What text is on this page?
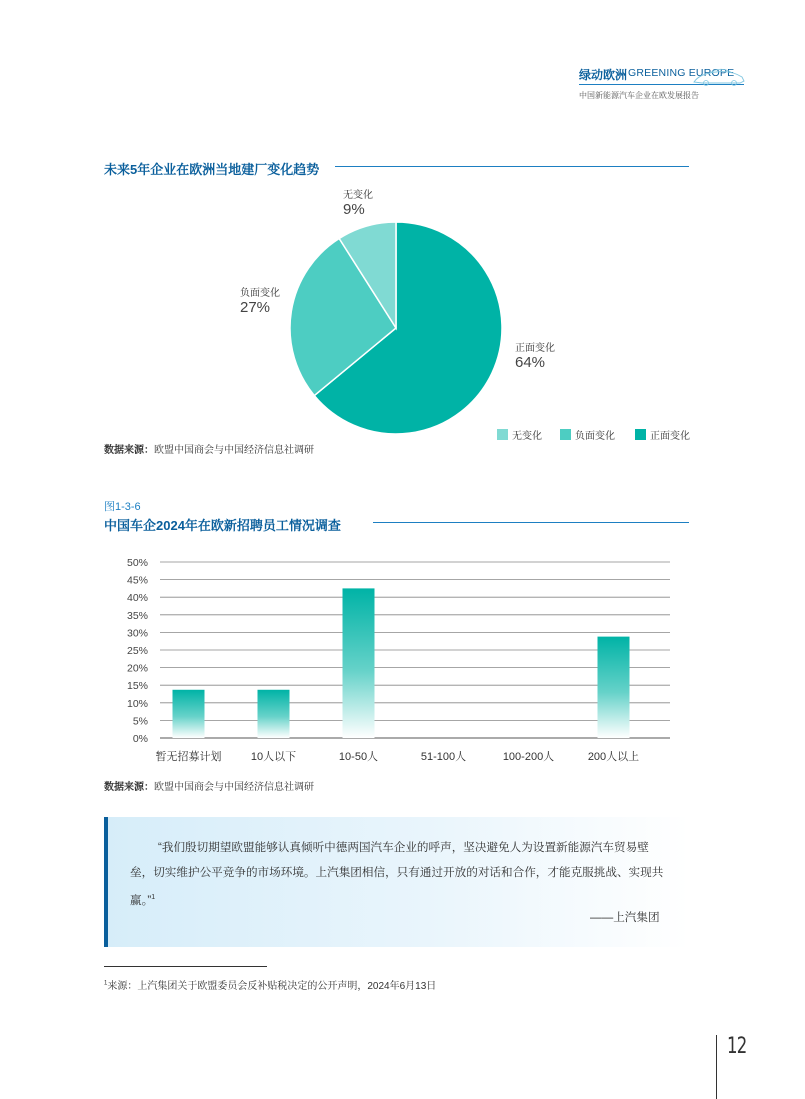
绿动欧洲 GREENING EUROPE
中国新能源汽车企业在欧发展报告
未来5年企业在欧洲当地建厂变化趋势
无变化
9%
负面变化
27%
正面变化
64%
无变化	负面变化	正面变化
数据来源：欧盟中国商会与中国经济信息社调研
图1-3-6
中国车企2024年在欧新招聘员工情况调查
0%
5%
10%
15%
20%
25%
30%
35%
40%
45%
50%
暂无招募计划	10人以下	10-50人	51-100人	100-200人	200人以上
数据来源：欧盟中国商会与中国经济信息社调研
“我们殷切期望欧盟能够认真倾听中德两国汽车企业的呼声，坚决避免人为设置新能源汽车贸易壁垒，切实维护公平竞争的市场环境。上汽集团相信，只有通过开放的对话和合作，才能克服挑战、实现共赢。”$^1$
——上汽集团
$^1$来源：上汽集团关于欧盟委员会反补贴税决定的公开声明，2024年6月13日
12
